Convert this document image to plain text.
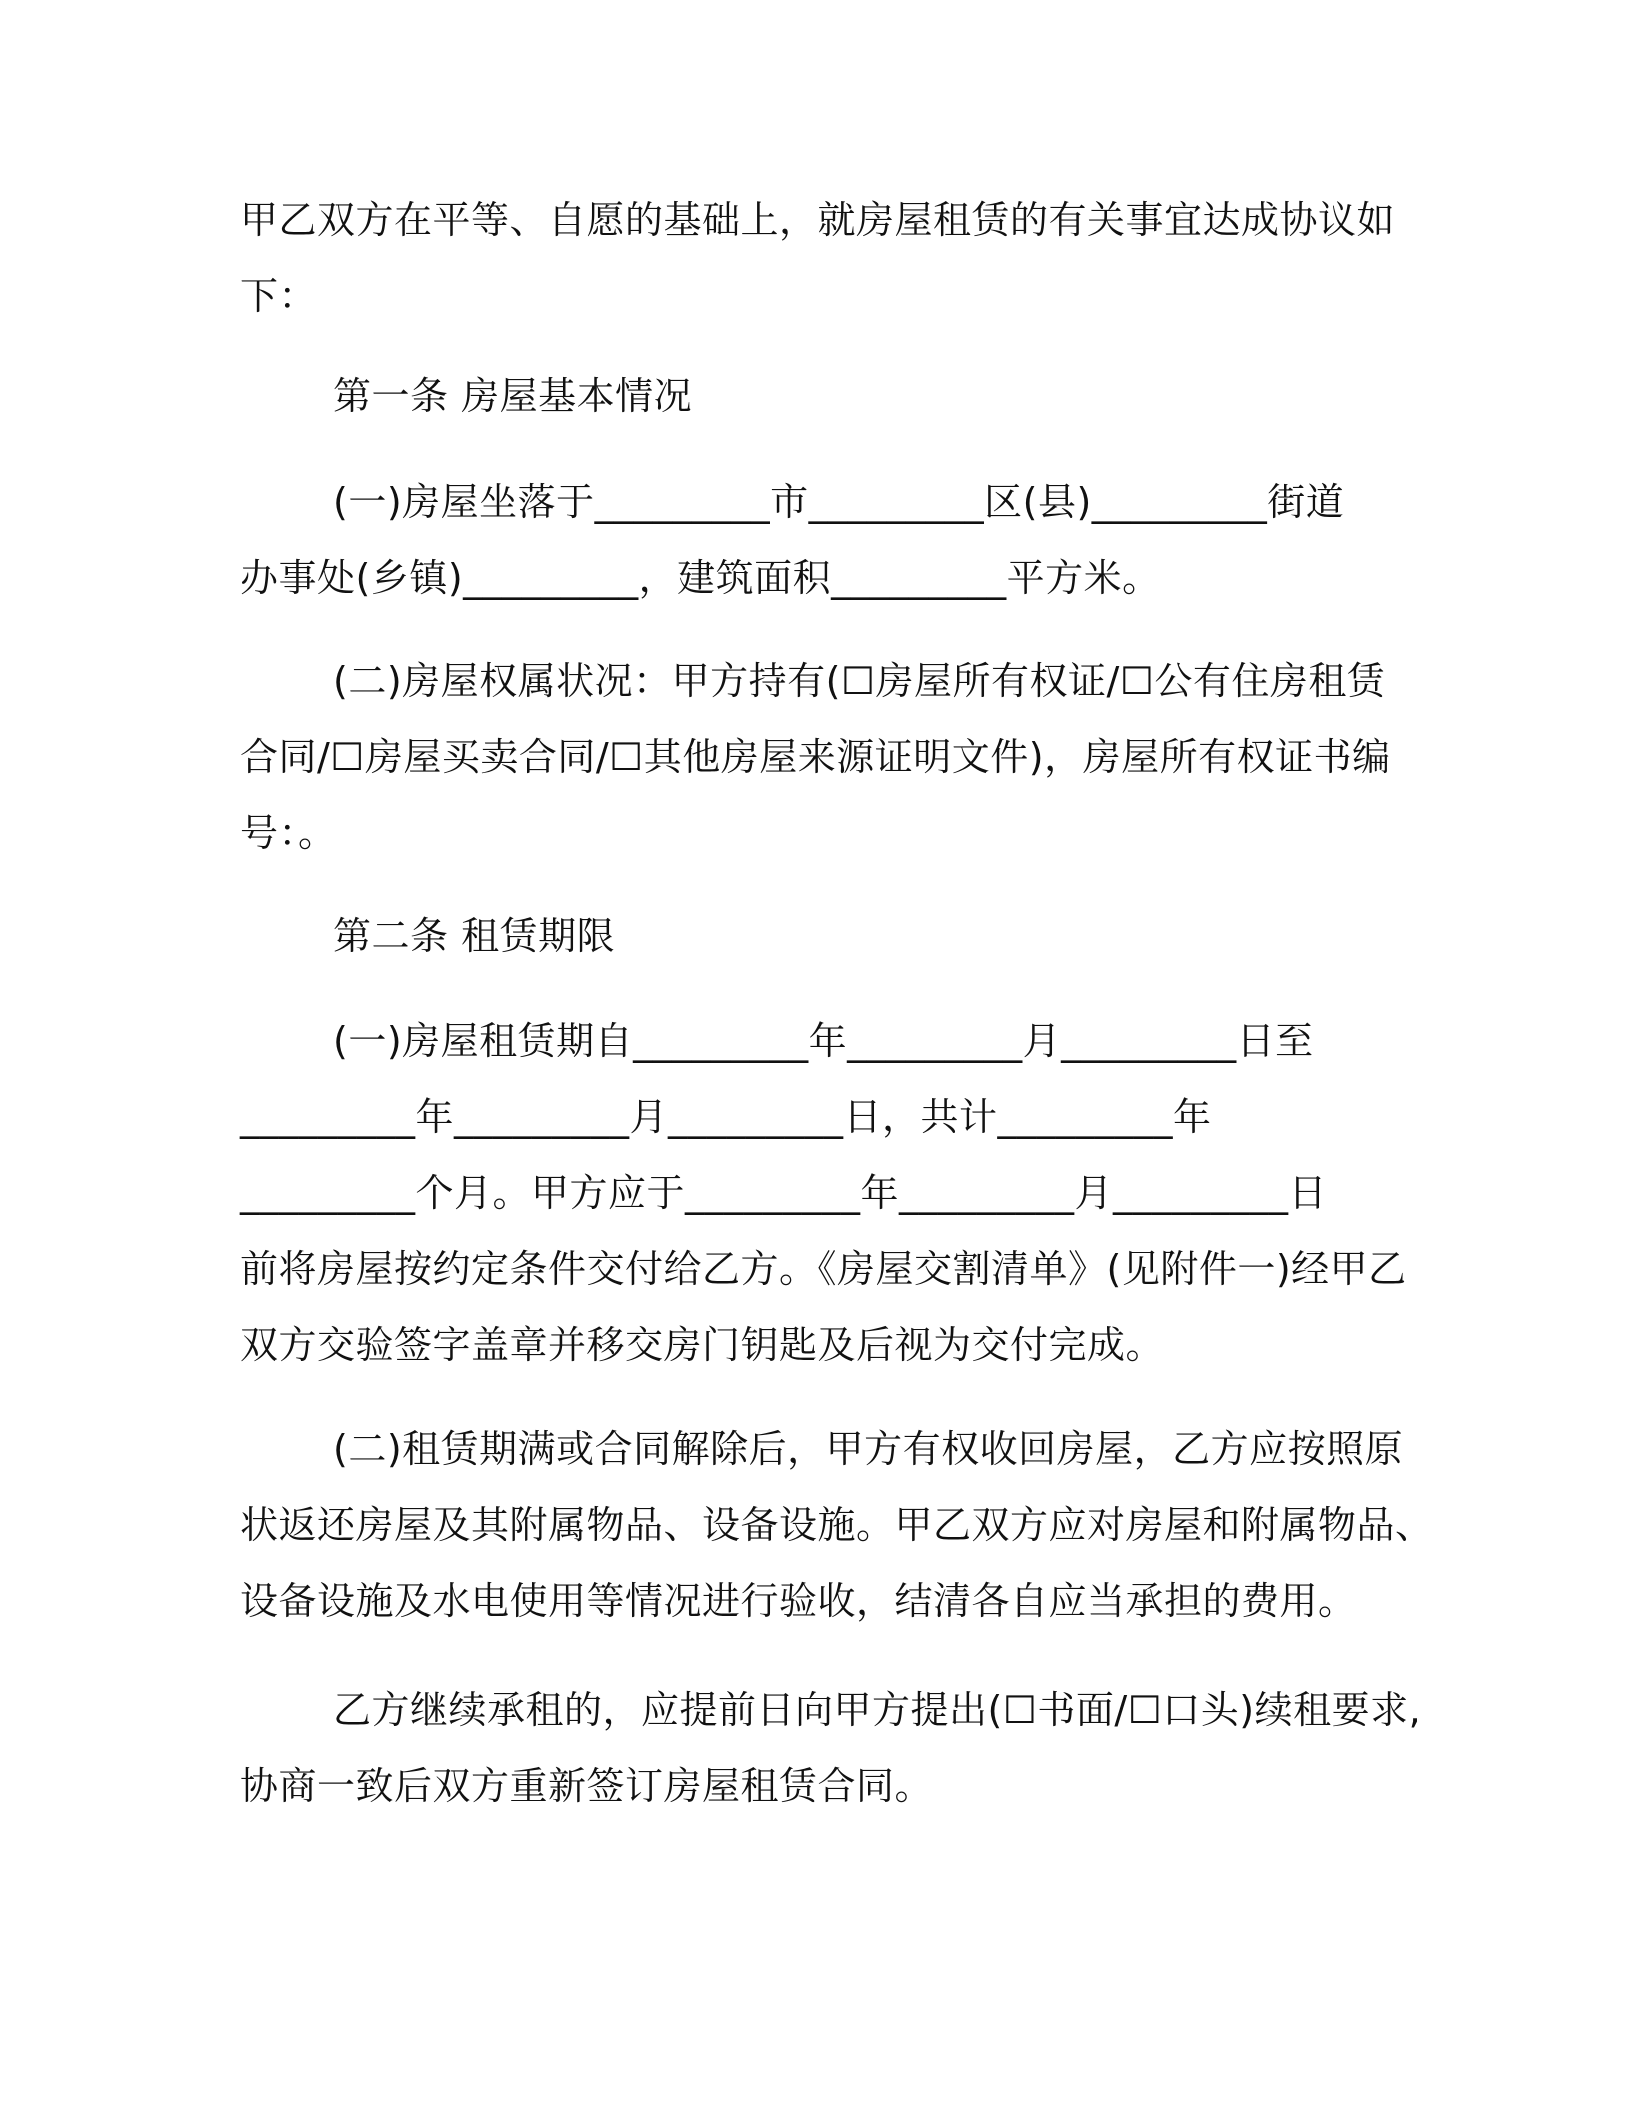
甲乙双方在平等、自愿的基础上，就房屋租赁的有关事宜达成协议如
下：
第一条 房屋基本情况
(一)房屋坐落于_________市_________区(县)_________街道
办事处(乡镇)_________，建筑面积_________平方米。
(二)房屋权属状况：甲方持有(☐房屋所有权证/☐公有住房租赁
合同/☐房屋买卖合同/☐其他房屋来源证明文件)，房屋所有权证书编
号：。
第二条 租赁期限
(一)房屋租赁期自_________年_________月_________日至
_________年_________月_________日，共计_________年
_________个月。甲方应于_________年_________月_________日
前将房屋按约定条件交付给乙方。《房屋交割清单》(见附件一)经甲乙
双方交验签字盖章并移交房门钥匙及后视为交付完成。
(二)租赁期满或合同解除后，甲方有权收回房屋，乙方应按照原
状返还房屋及其附属物品、设备设施。甲乙双方应对房屋和附属物品、
设备设施及水电使用等情况进行验收，结清各自应当承担的费用。
乙方继续承租的，应提前日向甲方提出(☐书面/☐口头)续租要求,
协商一致后双方重新签订房屋租赁合同。
